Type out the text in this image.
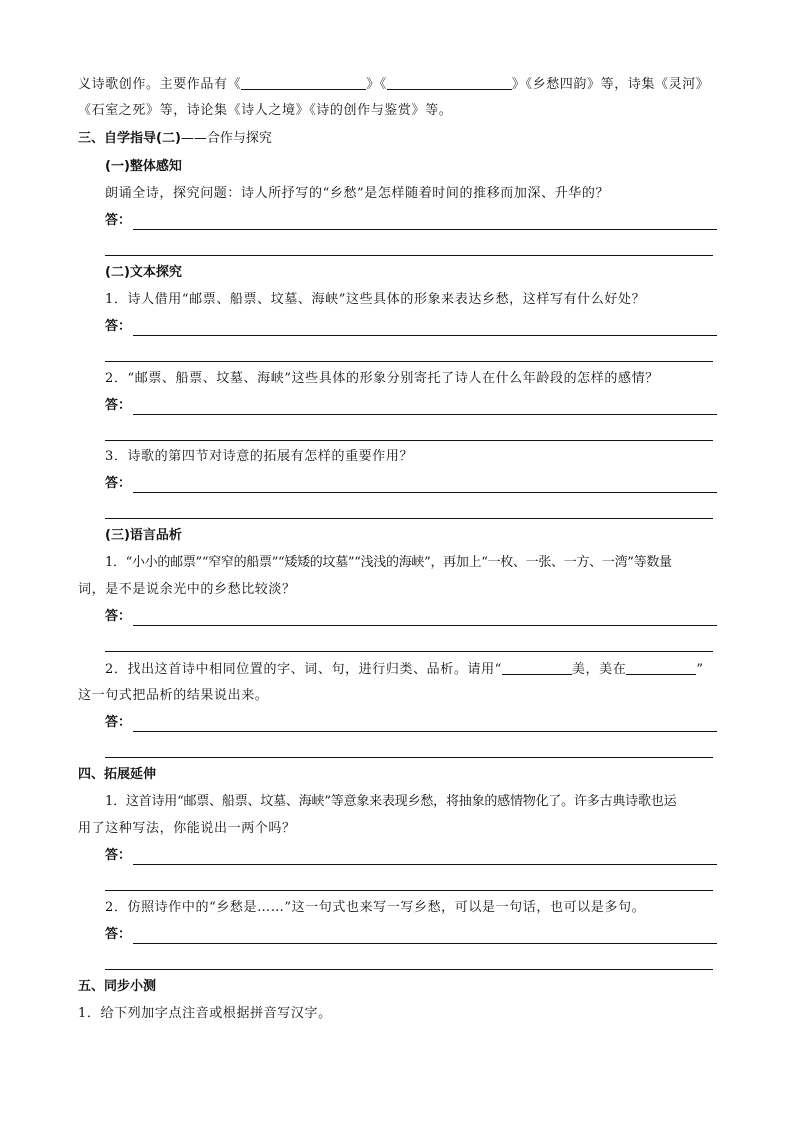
义诗歌创作。主要作品有《	》《	》《乡愁四韵》等，诗集《灵河》
《石室之死》等，诗论集《诗人之境》《诗的创作与鉴赏》等。
三、自学指导(二)——合作与探究
(一)整体感知
朗诵全诗，探究问题：诗人所抒写的“乡愁”是怎样随着时间的推移而加深、升华的？
答：
(二)文本探究
1．诗人借用“邮票、船票、坟墓、海峡”这些具体的形象来表达乡愁，这样写有什么好处？
答：
2．“邮票、船票、坟墓、海峡”这些具体的形象分别寄托了诗人在什么年龄段的怎样的感情？
答：
3．诗歌的第四节对诗意的拓展有怎样的重要作用？
答：
(三)语言品析
1．“小小的邮票”“窄窄的船票”“矮矮的坟墓”“浅浅的海峡”，再加上“一枚、一张、一方、一湾”等数量
词，是不是说余光中的乡愁比较淡？
答：
2．找出这首诗中相同位置的字、词、句，进行归类、品析。请用“	美，美在	”
这一句式把品析的结果说出来。
答：
四、拓展延伸
1．这首诗用“邮票、船票、坟墓、海峡”等意象来表现乡愁，将抽象的感情物化了。许多古典诗歌也运
用了这种写法，你能说出一两个吗？
答：
2．仿照诗作中的“乡愁是……”这一句式也来写一写乡愁，可以是一句话，也可以是多句。
答：
五、同步小测
1．给下列加字点注音或根据拼音写汉字。
